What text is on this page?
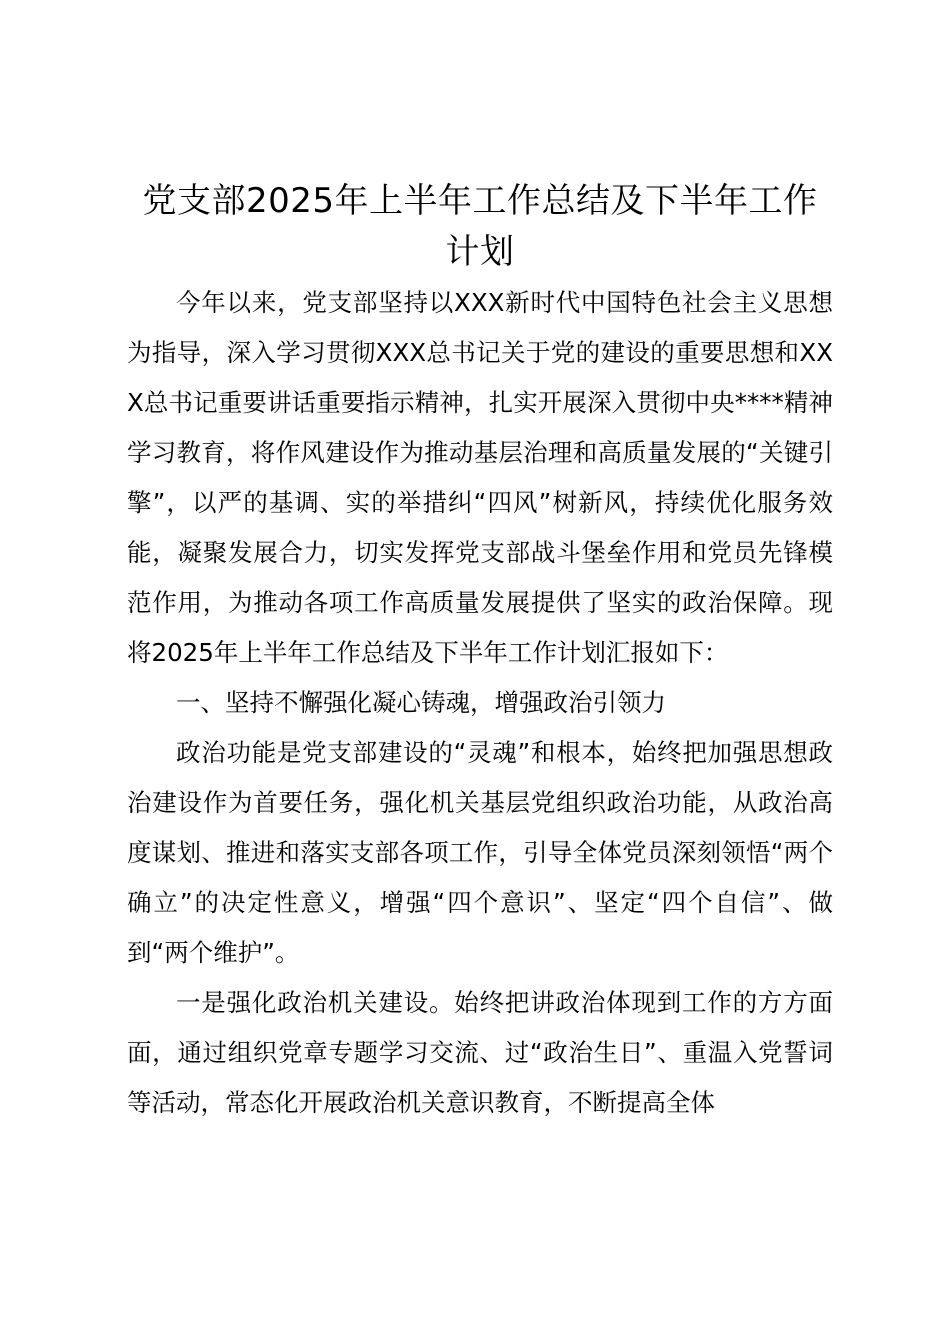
党支部2025年上半年工作总结及下半年工作计划

今年以来，党支部坚持以XXX新时代中国特色社会主义思想为指导，深入学习贯彻XXX总书记关于党的建设的重要思想和XXX总书记重要讲话重要指示精神，扎实开展深入贯彻中央****精神学习教育，将作风建设作为推动基层治理和高质量发展的“关键引擎”，以严的基调、实的举措纠“四风”树新风，持续优化服务效能，凝聚发展合力，切实发挥党支部战斗堡垒作用和党员先锋模范作用，为推动各项工作高质量发展提供了坚实的政治保障。现将2025年上半年工作总结及下半年工作计划汇报如下：

一、坚持不懈强化凝心铸魂，增强政治引领力

政治功能是党支部建设的“灵魂”和根本，始终把加强思想政治建设作为首要任务，强化机关基层党组织政治功能，从政治高度谋划、推进和落实支部各项工作，引导全体党员深刻领悟“两个确立”的决定性意义，增强“四个意识”、坚定“四个自信”、做到“两个维护”。

一是强化政治机关建设。始终把讲政治体现到工作的方方面面，通过组织党章专题学习交流、过“政治生日”、重温入党誓词等活动，常态化开展政治机关意识教育，不断提高全体
